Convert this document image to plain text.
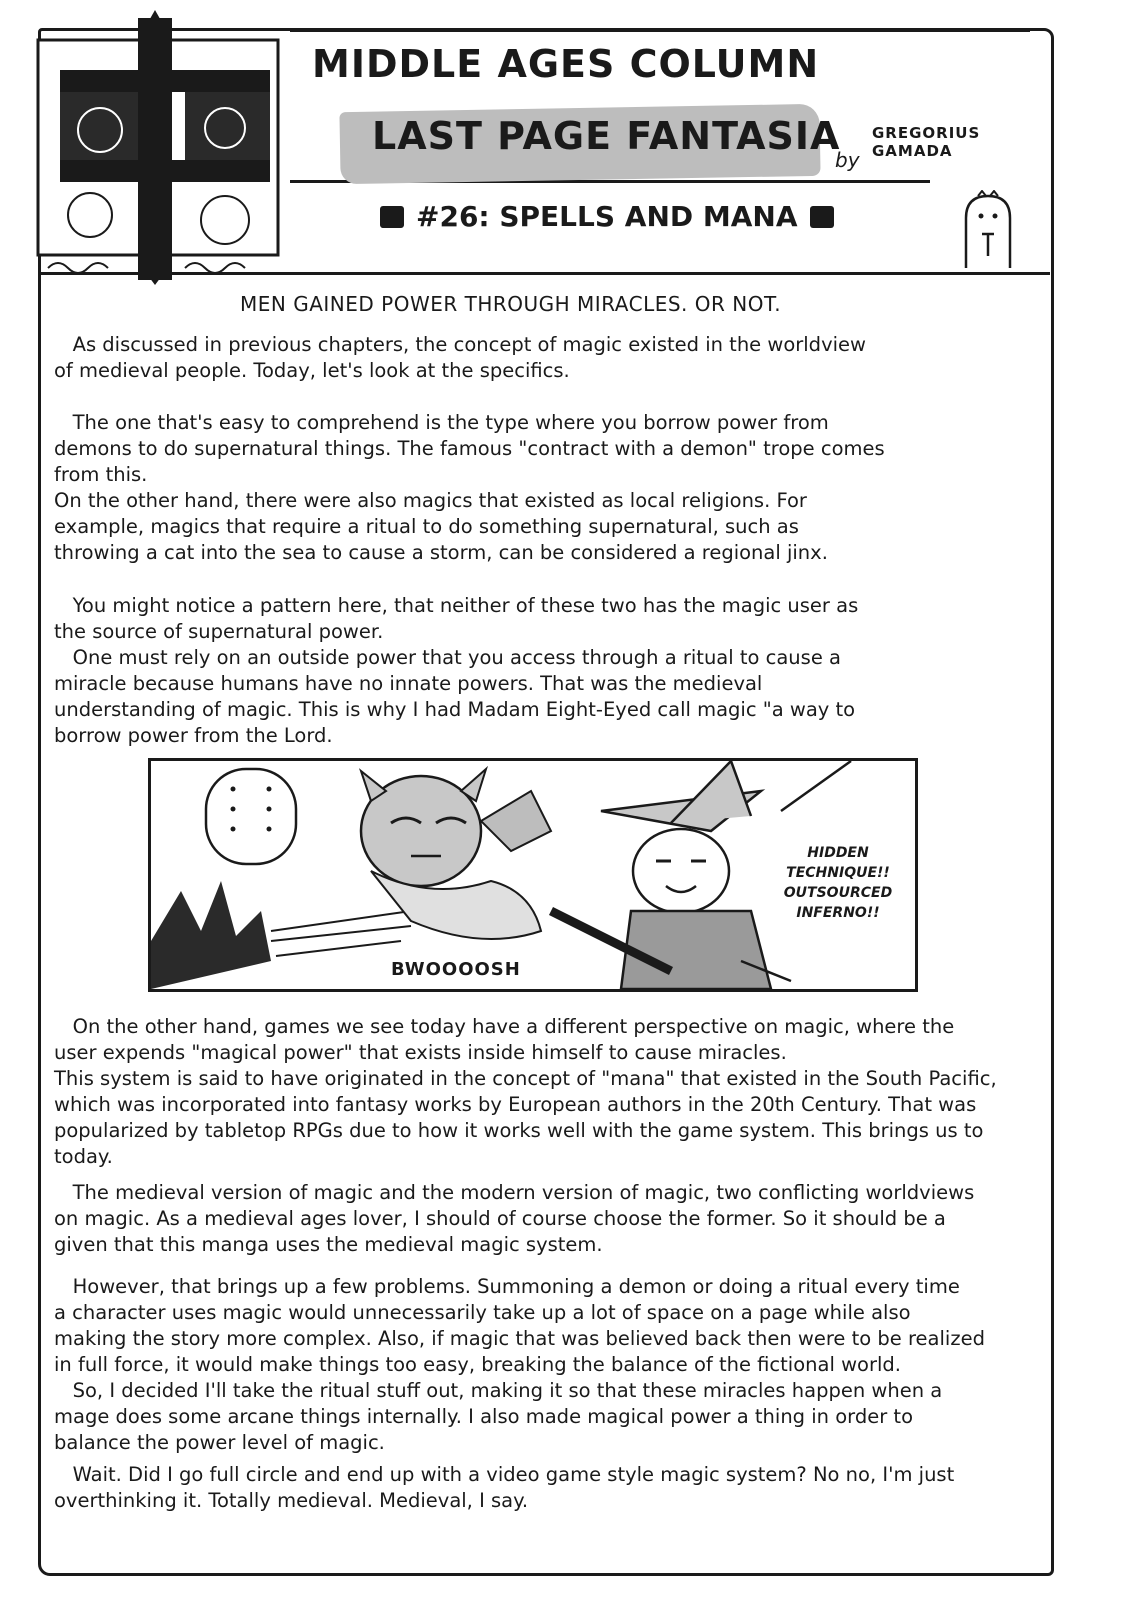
MIDDLE AGES COLUMN
LAST PAGE FANTASIA
by
GREGORIUS
GAMADA
#26: SPELLS AND MANA
MEN GAINED POWER THROUGH MIRACLES. OR NOT.

As discussed in previous chapters, the concept of magic existed in the worldview
of medieval people. Today, let's look at the specifics.

The one that's easy to comprehend is the type where you borrow power from
demons to do supernatural things. The famous "contract with a demon" trope comes
from this.
On the other hand, there were also magics that existed as local religions. For
example, magics that require a ritual to do something supernatural, such as
throwing a cat into the sea to cause a storm, can be considered a regional jinx.

You might notice a pattern here, that neither of these two has the magic user as
the source of supernatural power.
One must rely on an outside power that you access through a ritual to cause a
miracle because humans have no innate powers. That was the medieval
understanding of magic. This is why I had Madam Eight-Eyed call magic "a way to
borrow power from the Lord.

BWOOOOSH
HIDDEN
TECHNIQUE!!
OUTSOURCED
INFERNO!!

On the other hand, games we see today have a different perspective on magic, where the
user expends "magical power" that exists inside himself to cause miracles.
This system is said to have originated in the concept of "mana" that existed in the South Pacific,
which was incorporated into fantasy works by European authors in the 20th Century. That was
popularized by tabletop RPGs due to how it works well with the game system. This brings us to
today.

The medieval version of magic and the modern version of magic, two conflicting worldviews
on magic. As a medieval ages lover, I should of course choose the former. So it should be a
given that this manga uses the medieval magic system.

However, that brings up a few problems. Summoning a demon or doing a ritual every time
a character uses magic would unnecessarily take up a lot of space on a page while also
making the story more complex. Also, if magic that was believed back then were to be realized
in full force, it would make things too easy, breaking the balance of the fictional world.
So, I decided I'll take the ritual stuff out, making it so that these miracles happen when a
mage does some arcane things internally. I also made magical power a thing in order to
balance the power level of magic.

Wait. Did I go full circle and end up with a video game style magic system? No no, I'm just
overthinking it. Totally medieval. Medieval, I say.
